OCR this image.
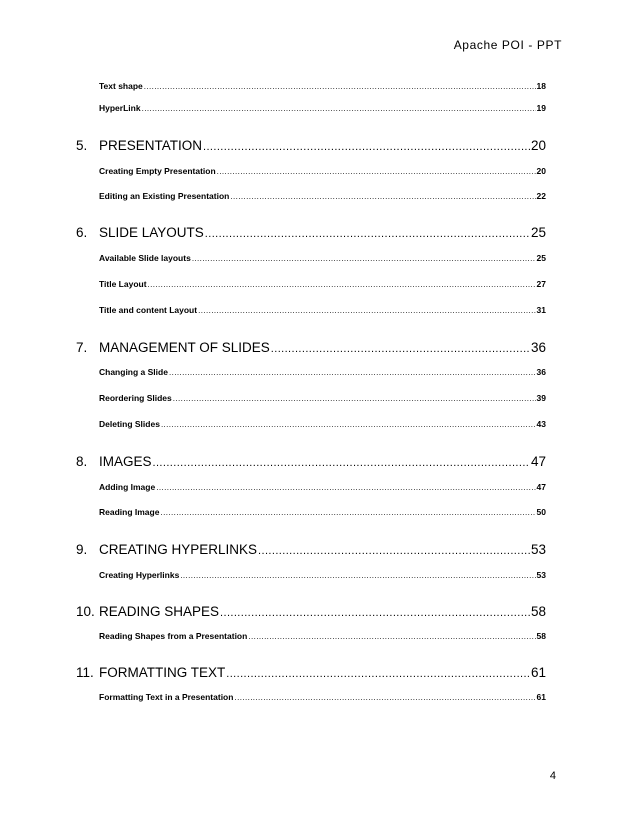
Apache POI - PPT
Text shape .....	18
HyperLink .....	19
5. PRESENTATION .....	20
Creating Empty Presentation .....	20
Editing an Existing Presentation .....	22
6. SLIDE LAYOUTS .....	25
Available Slide layouts .....	25
Title Layout .....	27
Title and content Layout .....	31
7. MANAGEMENT OF SLIDES .....	36
Changing a Slide .....	36
Reordering Slides .....	39
Deleting Slides .....	43
8. IMAGES .....	47
Adding Image .....	47
Reading Image .....	50
9. CREATING HYPERLINKS .....	53
Creating Hyperlinks .....	53
10. READING SHAPES .....	58
Reading Shapes from a Presentation .....	58
11. FORMATTING TEXT .....	61
Formatting Text in a Presentation .....	61
4
